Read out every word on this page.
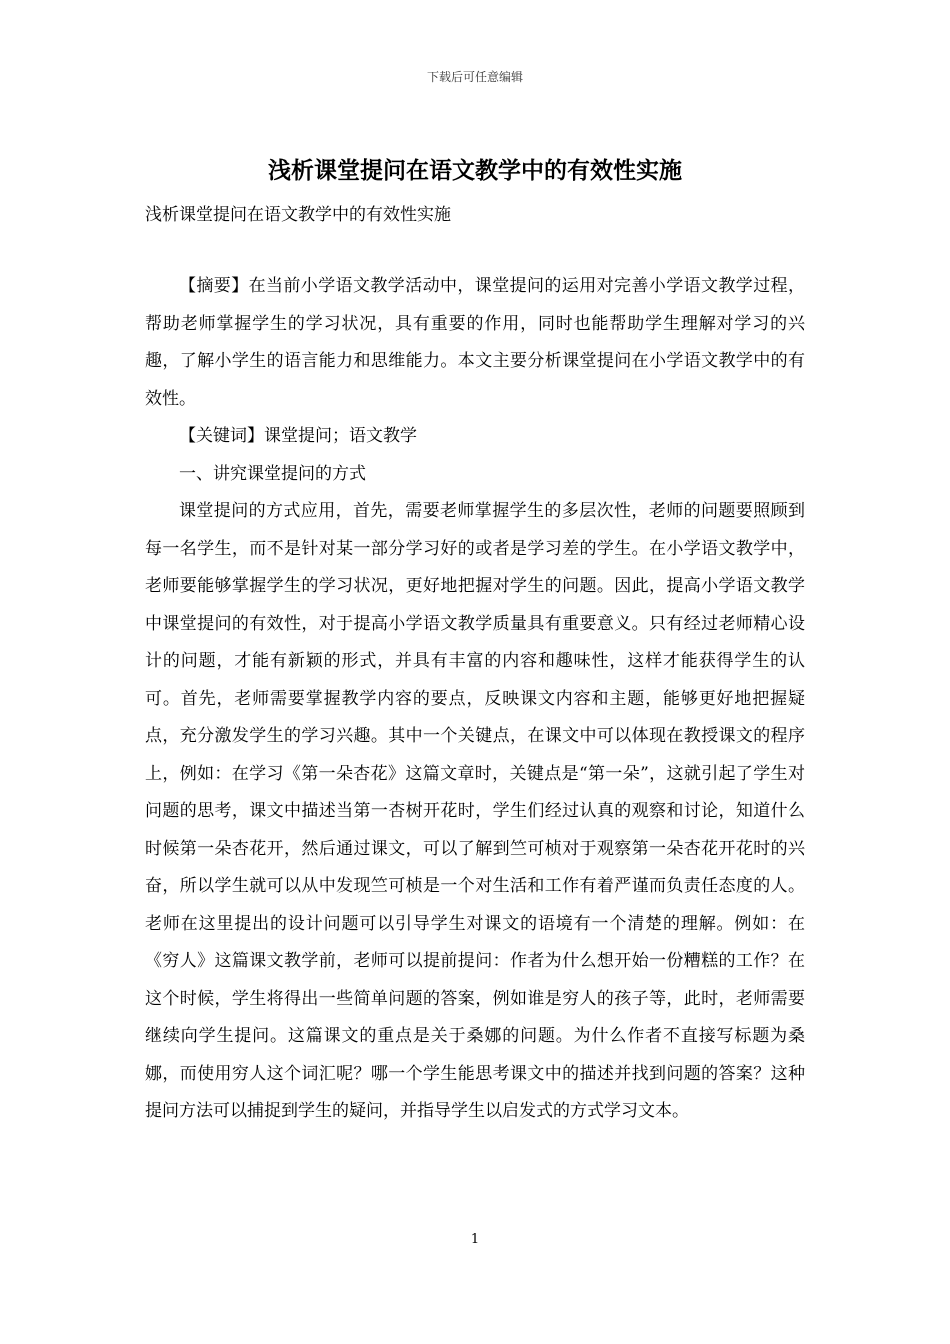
下载后可任意编辑
浅析课堂提问在语文教学中的有效性实施

浅析课堂提问在语文教学中的有效性实施

【摘要】在当前小学语文教学活动中，课堂提问的运用对完善小学语文教学过程，帮助老师掌握学生的学习状况，具有重要的作用，同时也能帮助学生理解对学习的兴趣，了解小学生的语言能力和思维能力。本文主要分析课堂提问在小学语文教学中的有效性。

【关键词】课堂提问；语文教学

一、讲究课堂提问的方式

课堂提问的方式应用，首先，需要老师掌握学生的多层次性，老师的问题要照顾到每一名学生，而不是针对某一部分学习好的或者是学习差的学生。在小学语文教学中，老师要能够掌握学生的学习状况，更好地把握对学生的问题。因此，提高小学语文教学中课堂提问的有效性，对于提高小学语文教学质量具有重要意义。只有经过老师精心设计的问题，才能有新颖的形式，并具有丰富的内容和趣味性，这样才能获得学生的认可。首先，老师需要掌握教学内容的要点，反映课文内容和主题，能够更好地把握疑点，充分激发学生的学习兴趣。其中一个关键点，在课文中可以体现在教授课文的程序上，例如：在学习《第一朵杏花》这篇文章时，关键点是“第一朵”，这就引起了学生对问题的思考，课文中描述当第一杏树开花时，学生们经过认真的观察和讨论，知道什么时候第一朵杏花开，然后通过课文，可以了解到竺可桢对于观察第一朵杏花开花时的兴奋，所以学生就可以从中发现竺可桢是一个对生活和工作有着严谨而负责任态度的人。老师在这里提出的设计问题可以引导学生对课文的语境有一个清楚的理解。例如：在《穷人》这篇课文教学前，老师可以提前提问：作者为什么想开始一份糟糕的工作？在这个时候，学生将得出一些简单问题的答案，例如谁是穷人的孩子等，此时，老师需要继续向学生提问。这篇课文的重点是关于桑娜的问题。为什么作者不直接写标题为桑娜，而使用穷人这个词汇呢？哪一个学生能思考课文中的描述并找到问题的答案？这种提问方法可以捕捉到学生的疑问，并指导学生以启发式的方式学习文本。

1
